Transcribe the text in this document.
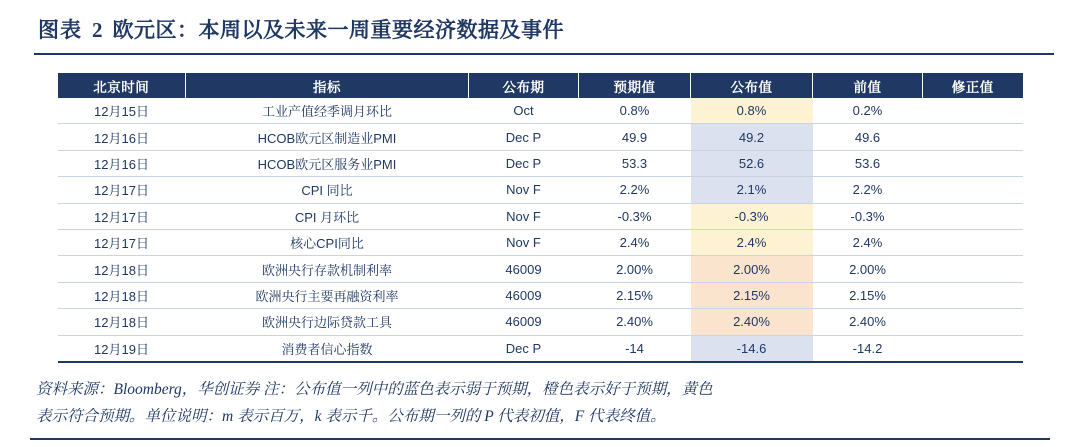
图表 2 欧元区：本周以及未来一周重要经济数据及事件
北京时间	指标	公布期	预期值	公布值	前值	修正值
12月15日	工业产值经季调月环比	Oct	0.8%	0.8%	0.2%	
12月16日	HCOB欧元区制造业PMI	Dec P	49.9	49.2	49.6	
12月16日	HCOB欧元区服务业PMI	Dec P	53.3	52.6	53.6	
12月17日	CPI 同比	Nov F	2.2%	2.1%	2.2%	
12月17日	CPI 月环比	Nov F	-0.3%	-0.3%	-0.3%	
12月17日	核心CPI同比	Nov F	2.4%	2.4%	2.4%	
12月18日	欧洲央行存款机制利率	46009	2.00%	2.00%	2.00%	
12月18日	欧洲央行主要再融资利率	46009	2.15%	2.15%	2.15%	
12月18日	欧洲央行边际贷款工具	46009	2.40%	2.40%	2.40%	
12月19日	消费者信心指数	Dec P	-14	-14.6	-14.2	
资料来源：Bloomberg，华创证券 注：公布值一列中的蓝色表示弱于预期，橙色表示好于预期，黄色
表示符合预期。单位说明：m 表示百万，k 表示千。公布期一列的 P 代表初值，F 代表终值。
